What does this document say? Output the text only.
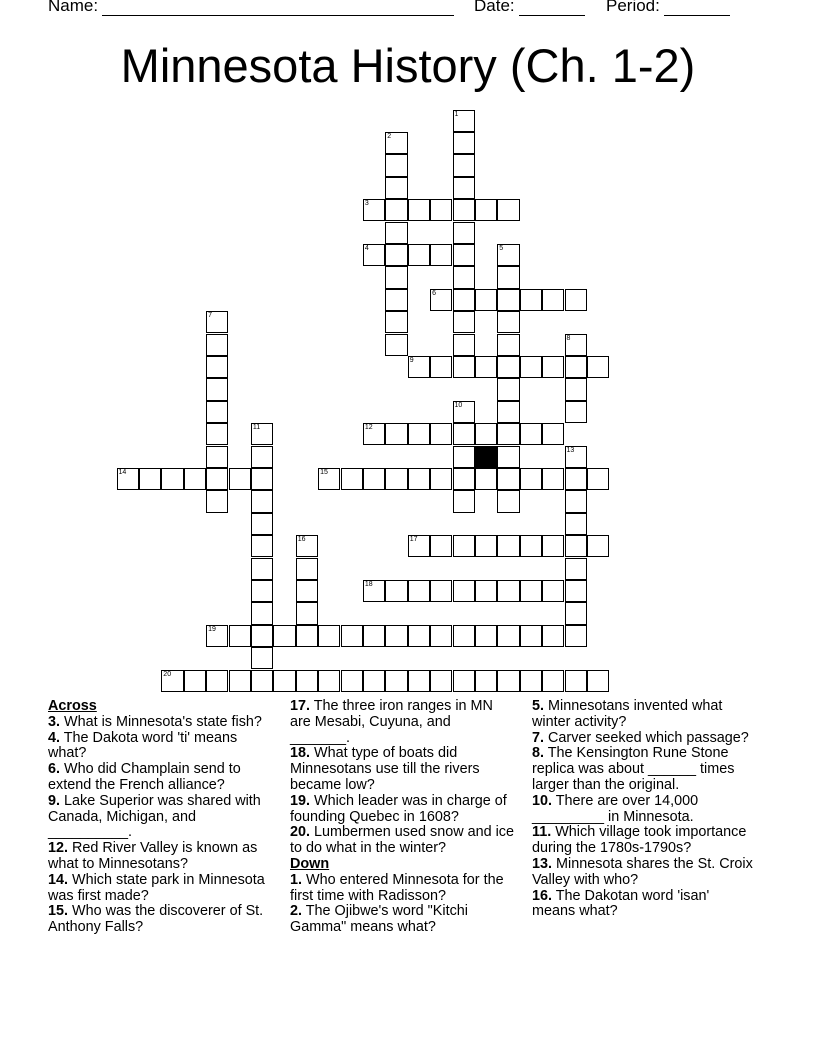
Name:	Date:	Period:
Minnesota History (Ch. 1-2)
1
2
3
4	5
6
7
8
9
10
11	12
13
14	15
16	17
18
19
20
Across
3. What is Minnesota's state fish?
4. The Dakota word 'ti' means what?
6. Who did Champlain send to extend the French alliance?
9. Lake Superior was shared with Canada, Michigan, and __________.
12. Red River Valley is known as what to Minnesotans?
14. Which state park in Minnesota was first made?
15. Who was the discoverer of St. Anthony Falls?
17. The three iron ranges in MN are Mesabi, Cuyuna, and _______.
18. What type of boats did Minnesotans use till the rivers became low?
19. Which leader was in charge of founding Quebec in 1608?
20. Lumbermen used snow and ice to do what in the winter?
Down
1. Who entered Minnesota for the first time with Radisson?
2. The Ojibwe's word "Kitchi Gamma" means what?
5. Minnesotans invented what winter activity?
7. Carver seeked which passage?
8. The Kensington Rune Stone replica was about ______ times larger than the original.
10. There are over 14,000 _________ in Minnesota.
11. Which village took importance during the 1780s-1790s?
13. Minnesota shares the St. Croix Valley with who?
16. The Dakotan word 'isan' means what?
